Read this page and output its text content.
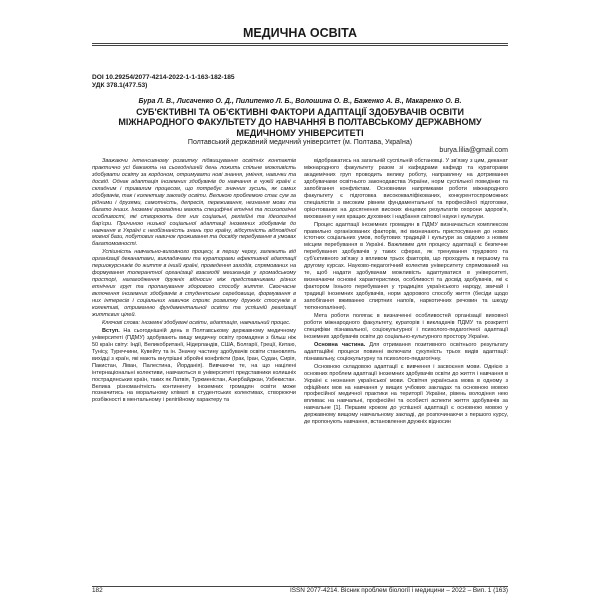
МЕДИЧНА ОСВІТА
DOI 10.29254/2077-4214-2022-1-1-163-182-185
УДК 378.1(477.53)
Бура Л. В., Лисаченко О. Д., Пилипенко Л. Б., Волошина О. В., Баженко А. В., Макаренко О. В.
СУБ'ЄКТИВНІ ТА ОБ'ЄКТИВНІ ФАКТОРИ АДАПТАЦІЇ ЗДОБУВАЧІВ ОСВІТИ МІЖНАРОДНОГО ФАКУЛЬТЕТУ ДО НАВЧАННЯ В ПОЛТАВСЬКОМУ ДЕРЖАВНОМУ МЕДИЧНОМУ УНІВЕРСИТЕТІ
Полтавський державний медичний університет (м. Полтава, Україна)
burya.lilia@gmail.com

Зважаючи інтенсивному розвитку підвищування освітніх контактів практично усі бажають на сьогоднішній день ложить спільне можливість здобувати освіту за кордоном, отримувати нові знання, уміння, навички та досвід. Однак адаптація іноземних здобувачів до навчання в чужій країні є складним і тривалим процесом, що потребує значних зусиль, як самих здобувачів, так і колективу закладу освіти. Великою проблемою стає сум за рідними і друзями, самотність, депресія, переживання, незнання мови та багато інших. Іноземні громадяни мають специфічні етнічні та психологічні особливості, які створюють для них соціальні, релігійні та ідеологічні бар'єри. Причиною низької соціальної адаптації іноземних здобувачів до навчання в Україні є необізнаність знань про країну, відсутність відповідної мовної бази, побутових навичок проживання та досвіду перебування в умовах багатомовності.

Успішність навчально-виховного процесу, в першу чергу, залежить від організації деканатами, викладачами та кураторами ефективної адаптації першокурсників до життя в іншій країні, проведення заходів, спрямованих на формування толерантної організації взаємодії мешканців у громадському просторі, налагодження дружніх відносин між представниками різних етнічних груп та пропагування здорового способу життя. Своєчасне включення іноземних здобувачів в студентське середовище, формування в них інтересів і соціальних навичок сприяє розвитку дружніх стосунків в колективі, отриманню фундаментальної освіти та успішній реалізації життєвих цілей.

Ключові слова: іноземні здобувачі освіти, адаптація, навчальний процес.

Вступ. На сьогоднішній день в Полтавському державному медичному університеті (ПДМУ) здобувають вищу медичну освіту громадяни з більш ніж 50 країн світу: Індії, Великобританії, Нідерландів, США, Болгарії, Греції, Китаю, Тунісу, Туреччини, Кувейту та ін. Значну частину здобувачів освіти становлять вихідці з країн, які мають внутрішні збройні конфлікти (Ірак, Іран, Судан, Сирія, Пакистан, Ліван, Палестина, Йорданія). Вивчаючи те, на що націлені інтернаціональні колективи, навчаються в університеті представники колишніх пострадянських країн, таких як Латвія, Туркменістан, Азербайджан, Узбекистан. Велика різноманітність континенту іноземних громадян освіти може позначитись на моральному кліматі в студентських колективах, створюючи розбіжності в ментальному і релігійному характеру та

відображатись на загальній суспільній обстановці. У зв'язку з цим, деканат міжнародного факультету разом зі кафедрами кафедр та кураторами академічних груп проводить велику роботу, направлену на дотримання здобувачами освітнього законодавства України, норм суспільної поведінки та запобігання конфліктам. Основними напрямками роботи міжнародного факультету є підготовка висококваліфікованих, конкурентоспроможних спеціалістів з високим рівнем фундаментальної та професійної підготовки, орієнтованих на досягнення високих кінцевих результатів охорони здоров'я, виховання у них кращих духовних і надбання світової науки і культури.

Процес адаптації іноземних громадян в ПДМУ визначається комплексом правильно організованих факторів, які визначають пристосування до нових істотних соціальних умов, побутових традицій і культури за свідомо з новим місцем перебування в Україні. Важливим для процесу адаптації є безпечне перебування здобувачів у таких сферах, як тренування трудового та суб'єктивного зв'язку з впливом трьох факторів, що проходять в першому та другому курсах. Науково-педагогічний колектив університету спрямований на те, щоб надати здобувачам можливість адаптуватися в університеті, визначаючи основні характеристики, особливості та досвід здобувачів, які є фактором їхнього перебування у традиціях українського народу, звичай і традиції іноземних здобувачів, норм здорового способу життя (бесіди щодо запобігання вживанню спиртних напоїв, наркотичних речовин та шкоду тютюнопаління).

Мета роботи полягає в визначенні особливостей організації виховної роботи міжнародного факультету, кураторів і викладачів ПДМУ та розкритті специфіки пізнавальної, соціокультурної і психолого-педагогічної адаптації іноземних здобувачів освіти до соціально-культурного простору України.

Основна частина. Для отримання позитивного освітнього результату адаптаційні процеси повинні включати сукупність трьох видів адаптації: пізнавальну, соціокультурну та психолого-педагогічну.

Основною складовою адаптації є вивчення і засвоєння мови. Однією з основних проблем адаптації іноземних здобувачів освіти до життя і навчання в Україні є незнання української мови. Освітня українська мова в одному з офіційних мов на навчання у вищих учбових закладах та основною мовою професійної медичної практики на території України, рівень володіння нею впливає на навчальні, професійні та особисті аспекти життя здобувачів за навчальне [1]. Першим кроком до успішної адаптації є основною мовою у державному вищому навчальному закладі, де розпочинаючи з першого курсу, де пропонують навчання, встановлення дружніх відносин

182	ISSN 2077-4214. Вісник проблем біології і медицини – 2022 – Вип. 1 (163)
